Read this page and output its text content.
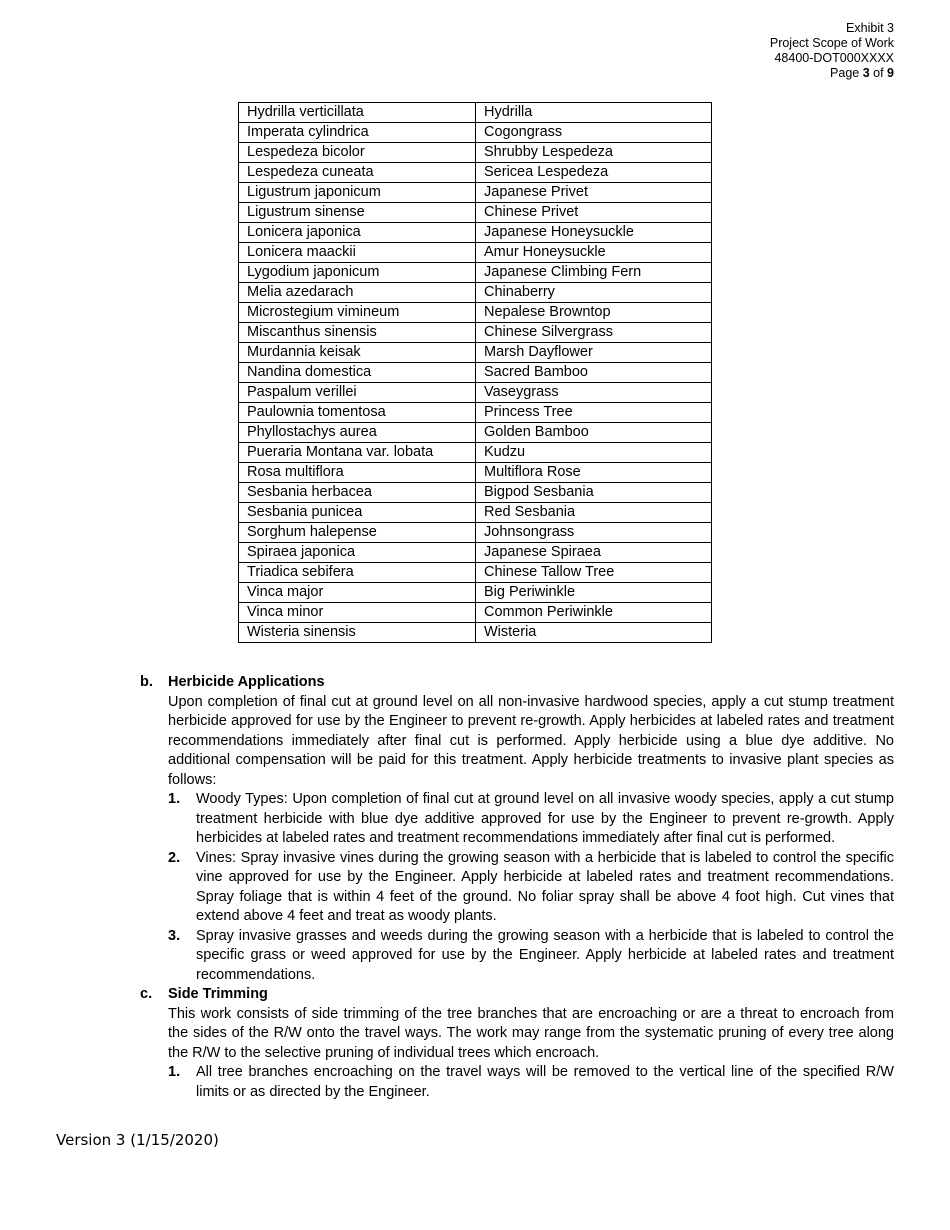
Exhibit 3
Project Scope of Work
48400-DOT000XXXX
Page 3 of 9
Hydrilla verticillata	Hydrilla
Imperata cylindrica	Cogongrass
Lespedeza bicolor	Shrubby Lespedeza
Lespedeza cuneata	Sericea Lespedeza
Ligustrum japonicum	Japanese Privet
Ligustrum sinense	Chinese Privet
Lonicera japonica	Japanese Honeysuckle
Lonicera maackii	Amur Honeysuckle
Lygodium japonicum	Japanese Climbing Fern
Melia azedarach	Chinaberry
Microstegium vimineum	Nepalese Browntop
Miscanthus sinensis	Chinese Silvergrass
Murdannia keisak	Marsh Dayflower
Nandina domestica	Sacred Bamboo
Paspalum verillei	Vaseygrass
Paulownia tomentosa	Princess Tree
Phyllostachys aurea	Golden Bamboo
Pueraria Montana var. lobata	Kudzu
Rosa multiflora	Multiflora Rose
Sesbania herbacea	Bigpod Sesbania
Sesbania punicea	Red Sesbania
Sorghum halepense	Johnsongrass
Spiraea japonica	Japanese Spiraea
Triadica sebifera	Chinese Tallow Tree
Vinca major	Big Periwinkle
Vinca minor	Common Periwinkle
Wisteria sinensis	Wisteria
b. Herbicide Applications
Upon completion of final cut at ground level on all non-invasive hardwood species, apply a cut stump treatment herbicide approved for use by the Engineer to prevent re-growth. Apply herbicides at labeled rates and treatment recommendations immediately after final cut is performed. Apply herbicide using a blue dye additive. No additional compensation will be paid for this treatment. Apply herbicide treatments to invasive plant species as follows:
1. Woody Types: Upon completion of final cut at ground level on all invasive woody species, apply a cut stump treatment herbicide with blue dye additive approved for use by the Engineer to prevent re-growth. Apply herbicides at labeled rates and treatment recommendations immediately after final cut is performed.
2. Vines: Spray invasive vines during the growing season with a herbicide that is labeled to control the specific vine approved for use by the Engineer. Apply herbicide at labeled rates and treatment recommendations. Spray foliage that is within 4 feet of the ground. No foliar spray shall be above 4 foot high. Cut vines that extend above 4 feet and treat as woody plants.
3. Spray invasive grasses and weeds during the growing season with a herbicide that is labeled to control the specific grass or weed approved for use by the Engineer. Apply herbicide at labeled rates and treatment recommendations.
c. Side Trimming
This work consists of side trimming of the tree branches that are encroaching or are a threat to encroach from the sides of the R/W onto the travel ways. The work may range from the systematic pruning of every tree along the R/W to the selective pruning of individual trees which encroach.
1. All tree branches encroaching on the travel ways will be removed to the vertical line of the specified R/W limits or as directed by the Engineer.
Version 3 (1/15/2020)
